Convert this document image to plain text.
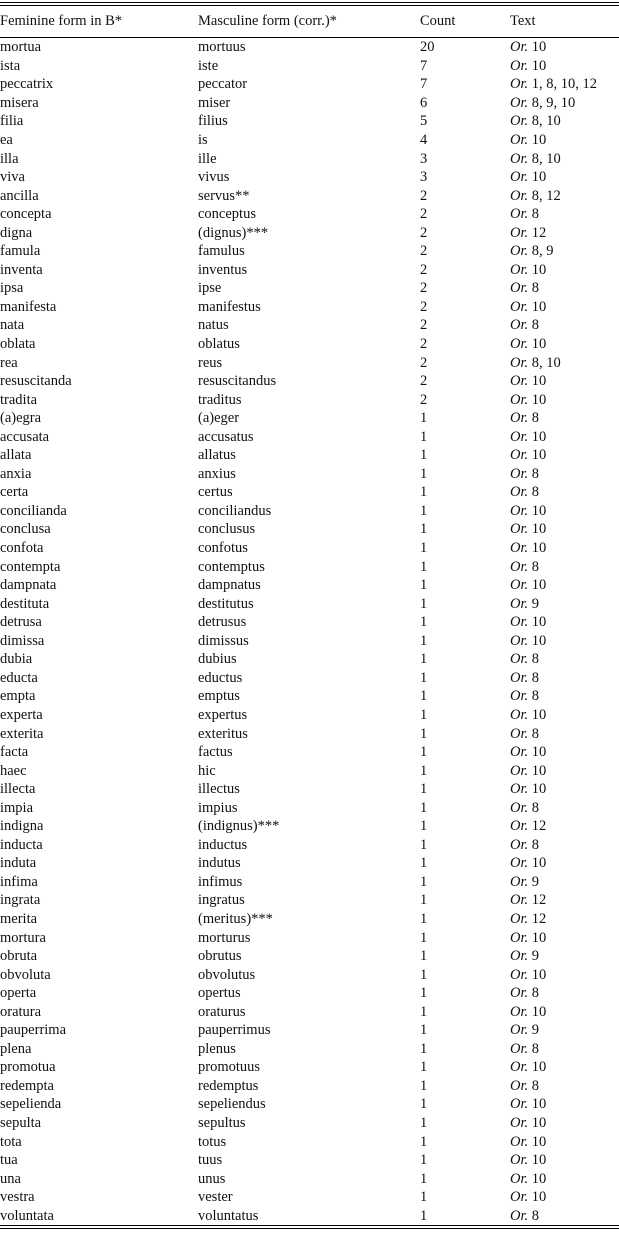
Feminine form in B*	Masculine form (corr.)*	Count	Text
mortua	mortuus	20	Or. 10
ista	iste	7	Or. 10
peccatrix	peccator	7	Or. 1, 8, 10, 12
misera	miser	6	Or. 8, 9, 10
filia	filius	5	Or. 8, 10
ea	is	4	Or. 10
illa	ille	3	Or. 8, 10
viva	vivus	3	Or. 10
ancilla	servus**	2	Or. 8, 12
concepta	conceptus	2	Or. 8
digna	(dignus)***	2	Or. 12
famula	famulus	2	Or. 8, 9
inventa	inventus	2	Or. 10
ipsa	ipse	2	Or. 8
manifesta	manifestus	2	Or. 10
nata	natus	2	Or. 8
oblata	oblatus	2	Or. 10
rea	reus	2	Or. 8, 10
resuscitanda	resuscitandus	2	Or. 10
tradita	traditus	2	Or. 10
(a)egra	(a)eger	1	Or. 8
accusata	accusatus	1	Or. 10
allata	allatus	1	Or. 10
anxia	anxius	1	Or. 8
certa	certus	1	Or. 8
concilianda	conciliandus	1	Or. 10
conclusa	conclusus	1	Or. 10
confota	confotus	1	Or. 10
contempta	contemptus	1	Or. 8
dampnata	dampnatus	1	Or. 10
destituta	destitutus	1	Or. 9
detrusa	detrusus	1	Or. 10
dimissa	dimissus	1	Or. 10
dubia	dubius	1	Or. 8
educta	eductus	1	Or. 8
empta	emptus	1	Or. 8
experta	expertus	1	Or. 10
exterita	exteritus	1	Or. 8
facta	factus	1	Or. 10
haec	hic	1	Or. 10
illecta	illectus	1	Or. 10
impia	impius	1	Or. 8
indigna	(indignus)***	1	Or. 12
inducta	inductus	1	Or. 8
induta	indutus	1	Or. 10
infima	infimus	1	Or. 9
ingrata	ingratus	1	Or. 12
merita	(meritus)***	1	Or. 12
mortura	morturus	1	Or. 10
obruta	obrutus	1	Or. 9
obvoluta	obvolutus	1	Or. 10
operta	opertus	1	Or. 8
oratura	oraturus	1	Or. 10
pauperrima	pauperrimus	1	Or. 9
plena	plenus	1	Or. 8
promotua	promotuus	1	Or. 10
redempta	redemptus	1	Or. 8
sepelienda	sepeliendus	1	Or. 10
sepulta	sepultus	1	Or. 10
tota	totus	1	Or. 10
tua	tuus	1	Or. 10
una	unus	1	Or. 10
vestra	vester	1	Or. 10
voluntata	voluntatus	1	Or. 8
